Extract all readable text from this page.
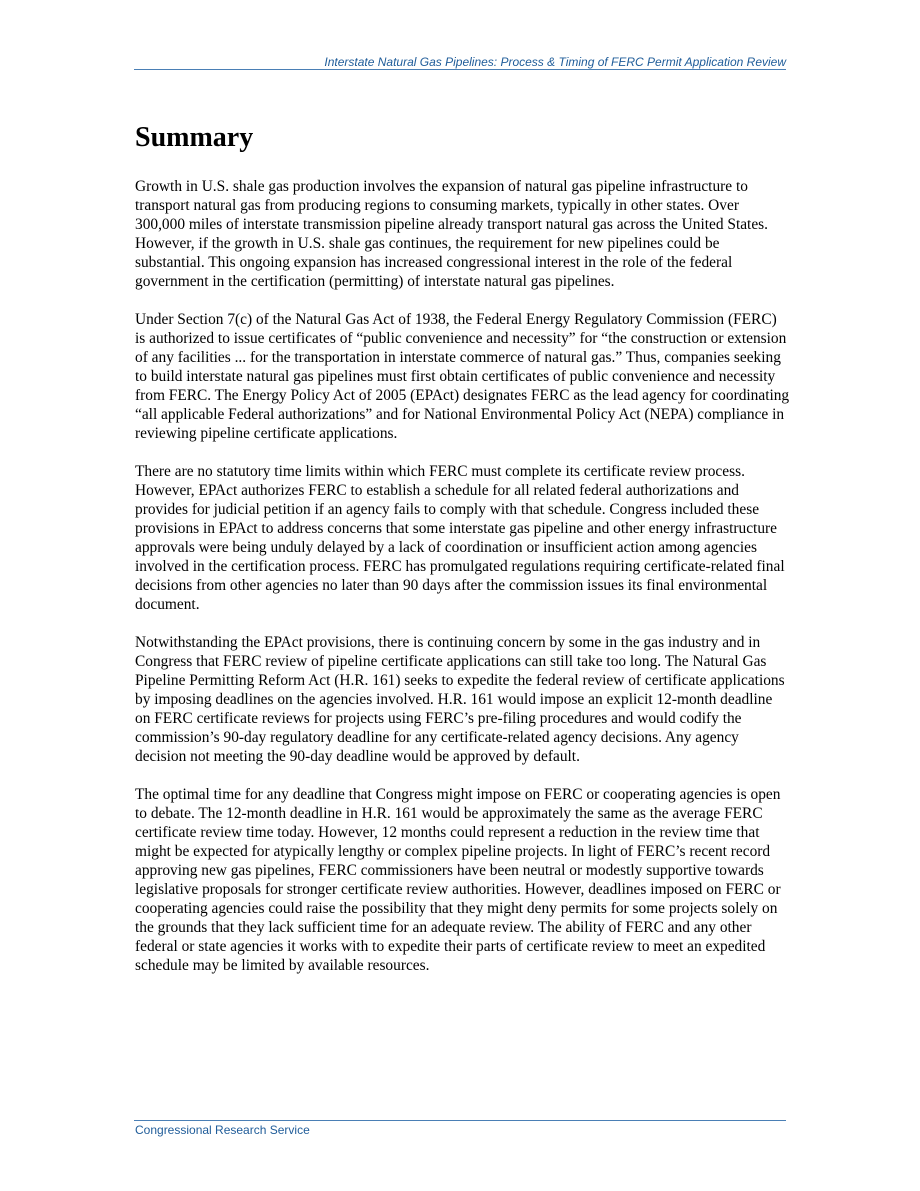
Interstate Natural Gas Pipelines: Process & Timing of FERC Permit Application Review
Summary

Growth in U.S. shale gas production involves the expansion of natural gas pipeline infrastructure to transport natural gas from producing regions to consuming markets, typically in other states. Over 300,000 miles of interstate transmission pipeline already transport natural gas across the United States. However, if the growth in U.S. shale gas continues, the requirement for new pipelines could be substantial. This ongoing expansion has increased congressional interest in the role of the federal government in the certification (permitting) of interstate natural gas pipelines.

Under Section 7(c) of the Natural Gas Act of 1938, the Federal Energy Regulatory Commission (FERC) is authorized to issue certificates of “public convenience and necessity” for “the construction or extension of any facilities ... for the transportation in interstate commerce of natural gas.” Thus, companies seeking to build interstate natural gas pipelines must first obtain certificates of public convenience and necessity from FERC. The Energy Policy Act of 2005 (EPAct) designates FERC as the lead agency for coordinating “all applicable Federal authorizations” and for National Environmental Policy Act (NEPA) compliance in reviewing pipeline certificate applications.

There are no statutory time limits within which FERC must complete its certificate review process. However, EPAct authorizes FERC to establish a schedule for all related federal authorizations and provides for judicial petition if an agency fails to comply with that schedule. Congress included these provisions in EPAct to address concerns that some interstate gas pipeline and other energy infrastructure approvals were being unduly delayed by a lack of coordination or insufficient action among agencies involved in the certification process. FERC has promulgated regulations requiring certificate-related final decisions from other agencies no later than 90 days after the commission issues its final environmental document.

Notwithstanding the EPAct provisions, there is continuing concern by some in the gas industry and in Congress that FERC review of pipeline certificate applications can still take too long. The Natural Gas Pipeline Permitting Reform Act (H.R. 161) seeks to expedite the federal review of certificate applications by imposing deadlines on the agencies involved. H.R. 161 would impose an explicit 12-month deadline on FERC certificate reviews for projects using FERC’s pre-filing procedures and would codify the commission’s 90-day regulatory deadline for any certificate-related agency decisions. Any agency decision not meeting the 90-day deadline would be approved by default.

The optimal time for any deadline that Congress might impose on FERC or cooperating agencies is open to debate. The 12-month deadline in H.R. 161 would be approximately the same as the average FERC certificate review time today. However, 12 months could represent a reduction in the review time that might be expected for atypically lengthy or complex pipeline projects. In light of FERC’s recent record approving new gas pipelines, FERC commissioners have been neutral or modestly supportive towards legislative proposals for stronger certificate review authorities. However, deadlines imposed on FERC or cooperating agencies could raise the possibility that they might deny permits for some projects solely on the grounds that they lack sufficient time for an adequate review. The ability of FERC and any other federal or state agencies it works with to expedite their parts of certificate review to meet an expedited schedule may be limited by available resources.

Congressional Research Service
